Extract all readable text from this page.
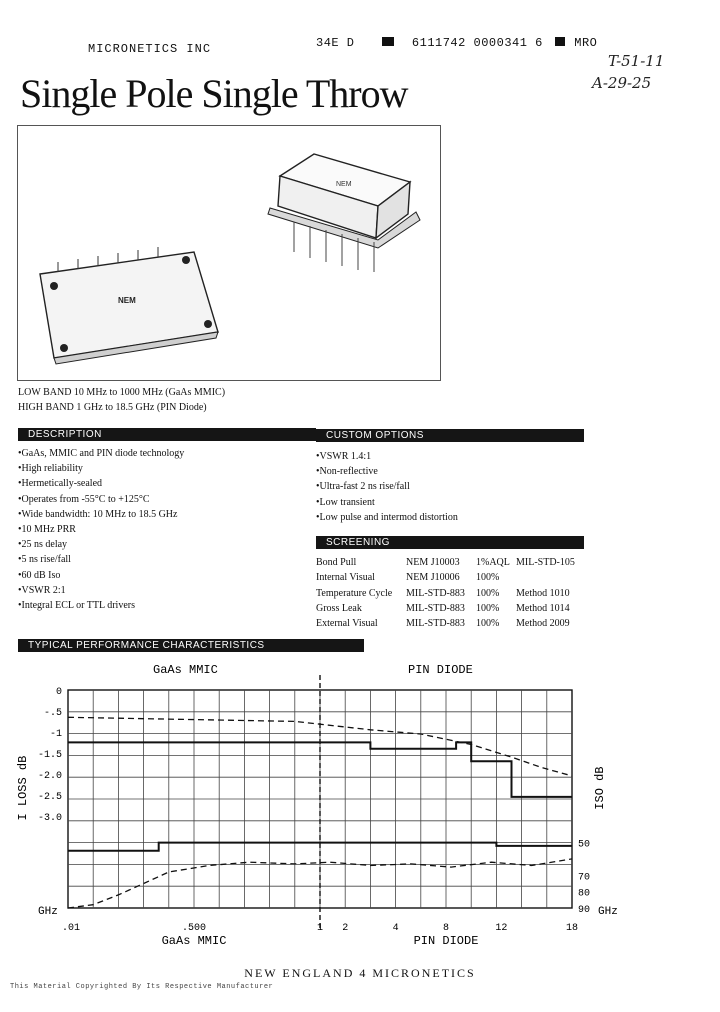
MICRONETICS INC	34E D	6111742 0000341 6	MRO
T-51-11
A-29-25
Single Pole Single Throw
NEM
NEM
LOW BAND 10 MHz to 1000 MHz (GaAs MMIC)
HIGH BAND 1 GHz to 18.5 GHz (PIN Diode)
DESCRIPTION
•GaAs, MMIC and PIN diode technology
•High reliability
•Hermetically-sealed
•Operates from -55°C to +125°C
•Wide bandwidth: 10 MHz to 18.5 GHz
•10 MHz PRR
•25 ns delay
•5 ns rise/fall
•60 dB Iso
•VSWR 2:1
•Integral ECL or TTL drivers
CUSTOM OPTIONS
•VSWR 1.4:1
•Non-reflective
•Ultra-fast 2 ns rise/fall
•Low transient
•Low pulse and intermod distortion
SCREENING
Bond Pull	NEM J10003	1%AQL	MIL-STD-105
Internal Visual	NEM J10006	100%	
Temperature Cycle	MIL-STD-883	100%	Method 1010
Gross Leak	MIL-STD-883	100%	Method 1014
External Visual	MIL-STD-883	100%	Method 2009
TYPICAL PERFORMANCE CHARACTERISTICS
GaAs MMIC	PIN DIODE
I LOSS dB	ISO dB
0
-.5
-1
-1.5
-2.0
-2.5
-3.0
50
70
80
90
.01	.500	1 2	4	8	12	18
GHz	GHz
GaAs MMIC	PIN DIODE
NEW ENGLAND 4 MICRONETICS
This Material Copyrighted By Its Respective Manufacturer
